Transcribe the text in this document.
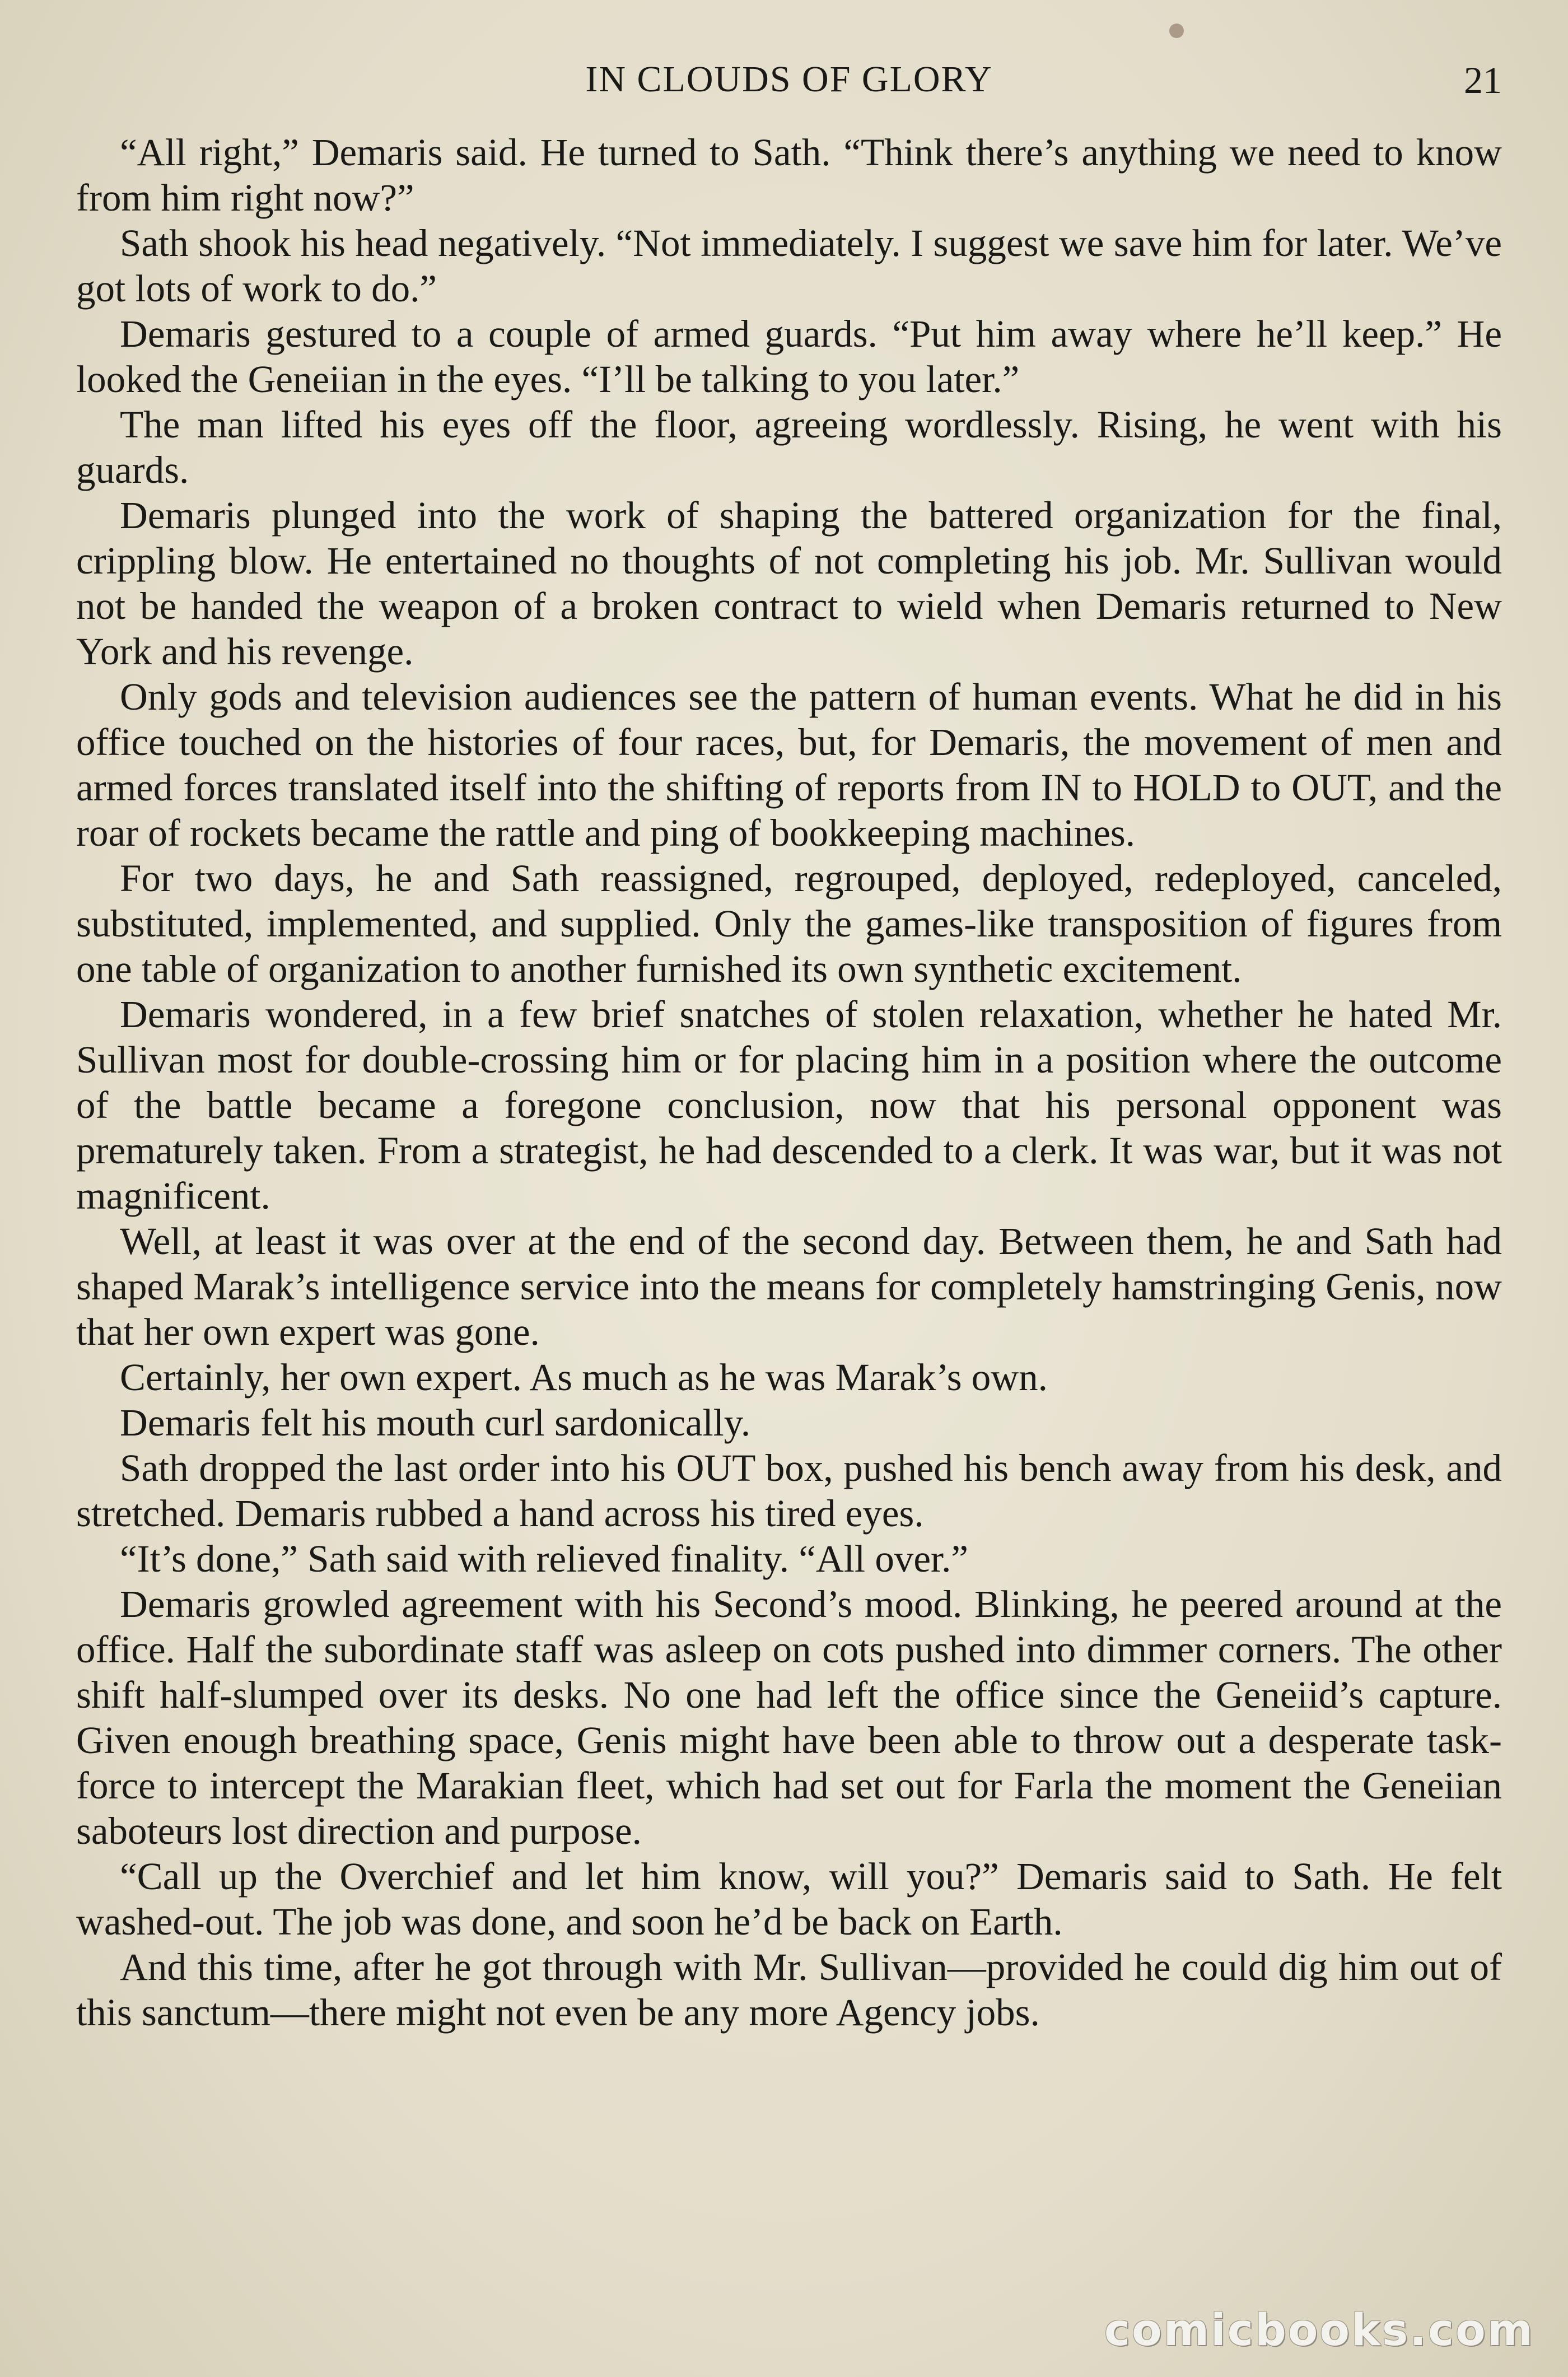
IN CLOUDS OF GLORY	21

“All right,” Demaris said. He turned to Sath. “Think there’s anything we need to know from him right now?”

Sath shook his head negatively. “Not immediately. I suggest we save him for later. We’ve got lots of work to do.”

Demaris gestured to a couple of armed guards. “Put him away where he’ll keep.” He looked the Geneiian in the eyes. “I’ll be talking to you later.”

The man lifted his eyes off the floor, agreeing wordlessly. Rising, he went with his guards.

Demaris plunged into the work of shaping the battered organization for the final, crippling blow. He entertained no thoughts of not completing his job. Mr. Sullivan would not be handed the weapon of a broken contract to wield when Demaris returned to New York and his revenge.

Only gods and television audiences see the pattern of human events. What he did in his office touched on the histories of four races, but, for Demaris, the movement of men and armed forces translated itself into the shifting of reports from IN to HOLD to OUT, and the roar of rockets became the rattle and ping of bookkeeping machines.

For two days, he and Sath reassigned, regrouped, deployed, redeployed, canceled, substituted, implemented, and supplied. Only the games-like transposition of figures from one table of organization to another furnished its own synthetic excitement.

Demaris wondered, in a few brief snatches of stolen relaxation, whether he hated Mr. Sullivan most for double-crossing him or for placing him in a position where the outcome of the battle became a foregone conclusion, now that his personal opponent was prematurely taken. From a strategist, he had descended to a clerk. It was war, but it was not magnificent.

Well, at least it was over at the end of the second day. Between them, he and Sath had shaped Marak’s intelligence service into the means for completely hamstringing Genis, now that her own expert was gone.

Certainly, her own expert. As much as he was Marak’s own.

Demaris felt his mouth curl sardonically.

Sath dropped the last order into his OUT box, pushed his bench away from his desk, and stretched. Demaris rubbed a hand across his tired eyes.

“It’s done,” Sath said with relieved finality. “All over.”

Demaris growled agreement with his Second’s mood. Blinking, he peered around at the office. Half the subordinate staff was asleep on cots pushed into dimmer corners. The other shift half-slumped over its desks. No one had left the office since the Geneiid’s capture. Given enough breathing space, Genis might have been able to throw out a desperate task-force to intercept the Marakian fleet, which had set out for Farla the moment the Geneiian saboteurs lost direction and purpose.

“Call up the Overchief and let him know, will you?” Demaris said to Sath. He felt washed-out. The job was done, and soon he’d be back on Earth.

And this time, after he got through with Mr. Sullivan—provided he could dig him out of this sanctum—there might not even be any more Agency jobs.

comicbooks.com
